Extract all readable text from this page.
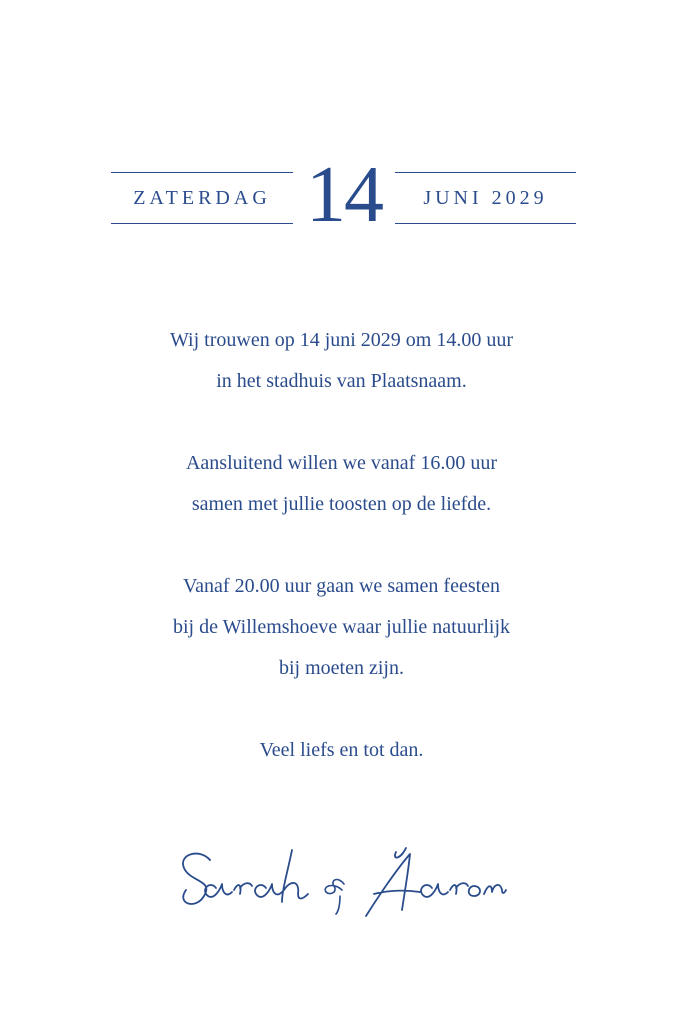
ZATERDAG 14	JUNI 2029
Wij trouwen op 14 juni 2029 om 14.00 uur
in het stadhuis van Plaatsnaam.
Aansluitend willen we vanaf 16.00 uur
samen met jullie toosten op de liefde.
Vanaf 20.00 uur gaan we samen feesten
bij de Willemshoeve waar jullie natuurlijk
bij moeten zijn.
Veel liefs en tot dan.
